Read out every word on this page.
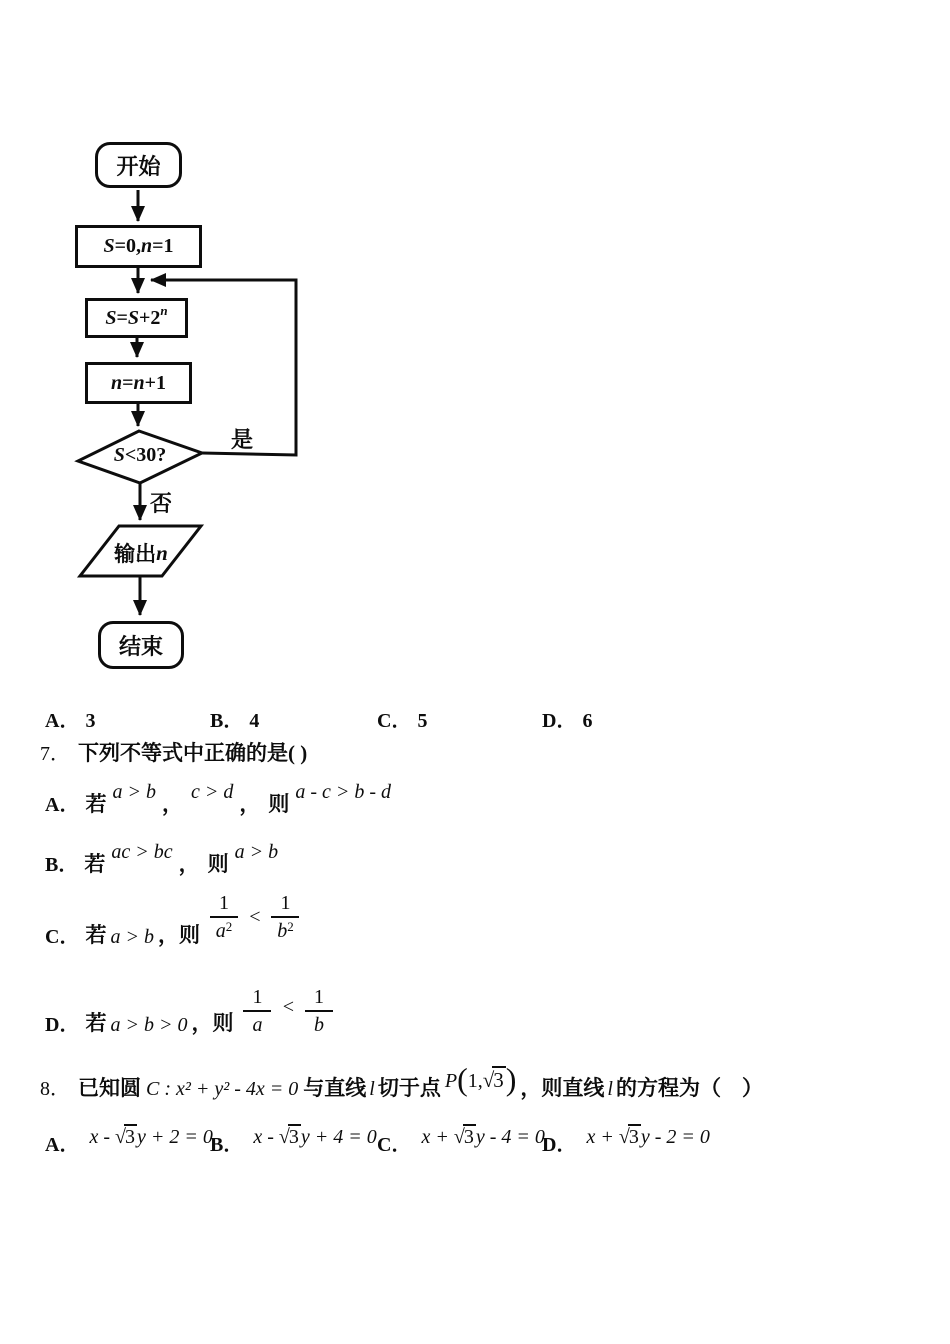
开始
S =0, n =1
S = S +2 n
n = n +1
S <30?
是
否
输出 n
结束
A． 3	B． 4	C． 5	D． 6
7． 下列不等式中正确的是( )
A． 若 a > b ， c > d ， 则 a - c > b - d
B． 若 ac > bc ， 则 a > b
C． 若 a > b ， 则 $\frac{1}{a^2} < \frac{1}{b^2}$
D． 若 a > b > 0 ， 则 $\frac{1}{a} < \frac{1}{b}$
8． 已知圆 C : x² + y² - 4x = 0 与直线 l 切于点 P(1,√3) ，则直线 l 的方程为（　）
A． x - √3 y + 2 = 0
B． x - √3 y + 4 = 0 C． x + √3 y - 4 = 0
D． x + √3 y - 2 = 0
